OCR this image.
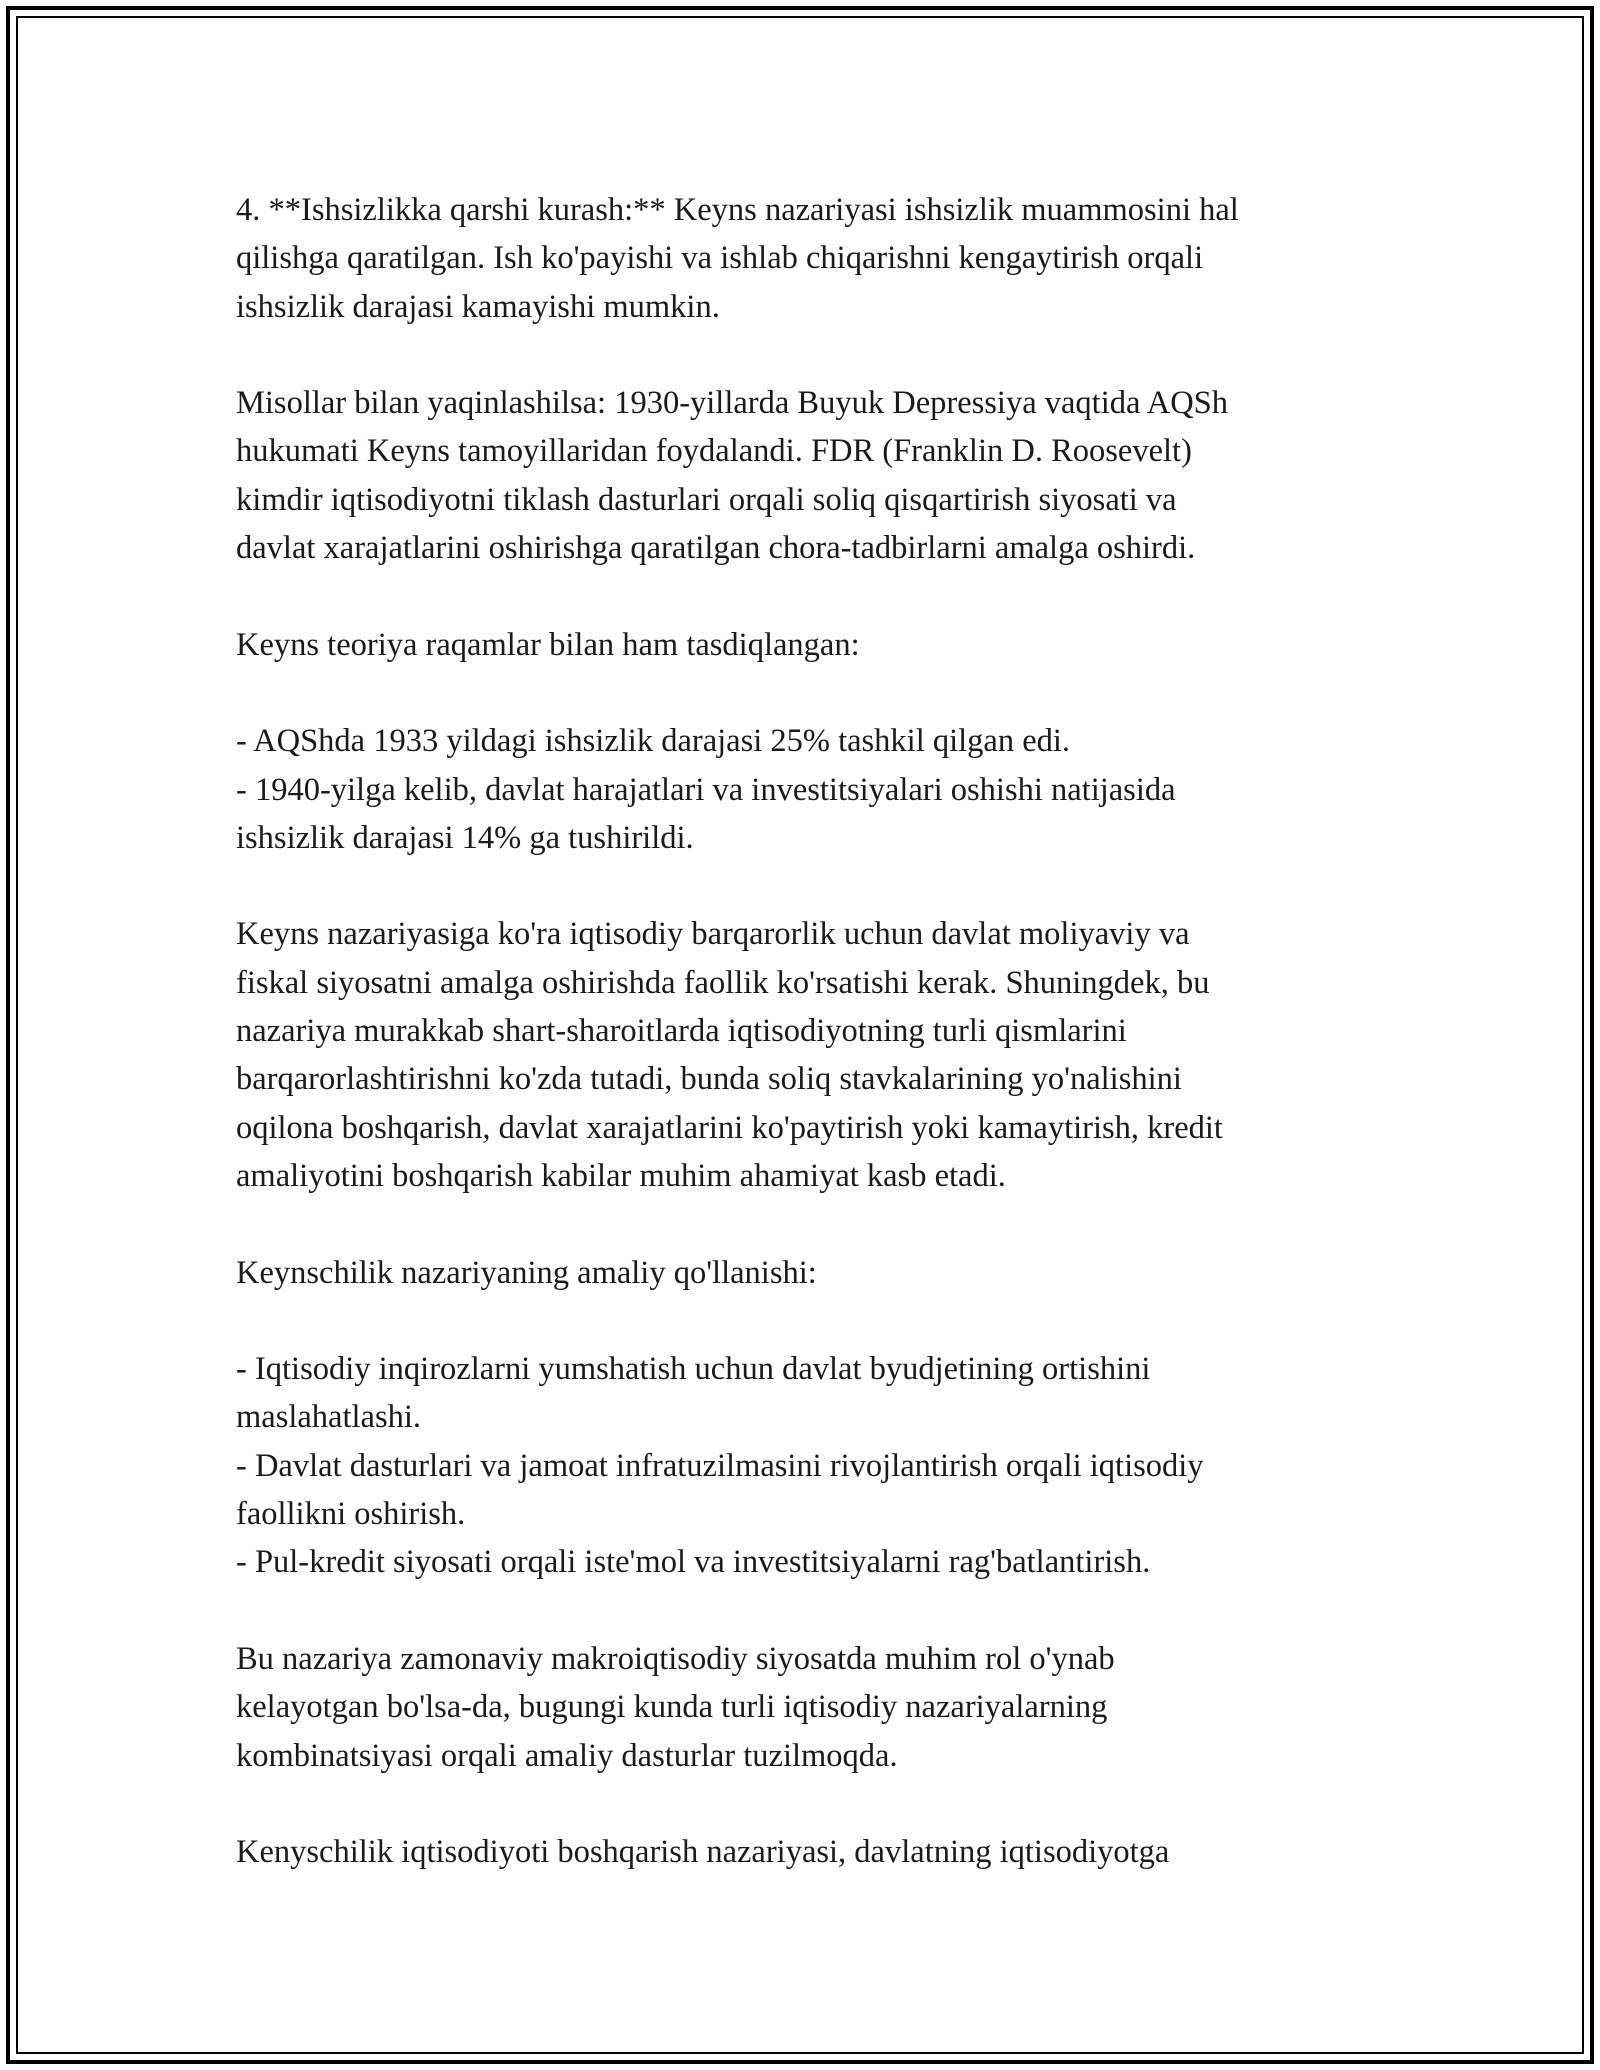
4. **Ishsizlikka qarshi kurash:** Keyns nazariyasi ishsizlik muammosini hal
qilishga qaratilgan. Ish ko'payishi va ishlab chiqarishni kengaytirish orqali
ishsizlik darajasi kamayishi mumkin.
Misollar bilan yaqinlashilsa: 1930-yillarda Buyuk Depressiya vaqtida AQSh
hukumati Keyns tamoyillaridan foydalandi. FDR (Franklin D. Roosevelt)
kimdir iqtisodiyotni tiklash dasturlari orqali soliq qisqartirish siyosati va
davlat xarajatlarini oshirishga qaratilgan chora-tadbirlarni amalga oshirdi.
Keyns teoriya raqamlar bilan ham tasdiqlangan:
- AQShda 1933 yildagi ishsizlik darajasi 25% tashkil qilgan edi.
- 1940-yilga kelib, davlat harajatlari va investitsiyalari oshishi natijasida
ishsizlik darajasi 14% ga tushirildi.
Keyns nazariyasiga ko'ra iqtisodiy barqarorlik uchun davlat moliyaviy va
fiskal siyosatni amalga oshirishda faollik ko'rsatishi kerak. Shuningdek, bu
nazariya murakkab shart-sharoitlarda iqtisodiyotning turli qismlarini
barqarorlashtirishni ko'zda tutadi, bunda soliq stavkalarining yo'nalishini
oqilona boshqarish, davlat xarajatlarini ko'paytirish yoki kamaytirish, kredit
amaliyotini boshqarish kabilar muhim ahamiyat kasb etadi.
Keynschilik nazariyaning amaliy qo'llanishi:
- Iqtisodiy inqirozlarni yumshatish uchun davlat byudjetining ortishini
maslahatlashi.
- Davlat dasturlari va jamoat infratuzilmasini rivojlantirish orqali iqtisodiy
faollikni oshirish.
- Pul-kredit siyosati orqali iste'mol va investitsiyalarni rag'batlantirish.
Bu nazariya zamonaviy makroiqtisodiy siyosatda muhim rol o'ynab
kelayotgan bo'lsa-da, bugungi kunda turli iqtisodiy nazariyalarning
kombinatsiyasi orqali amaliy dasturlar tuzilmoqda.
Kenyschilik iqtisodiyoti boshqarish nazariyasi, davlatning iqtisodiyotga
